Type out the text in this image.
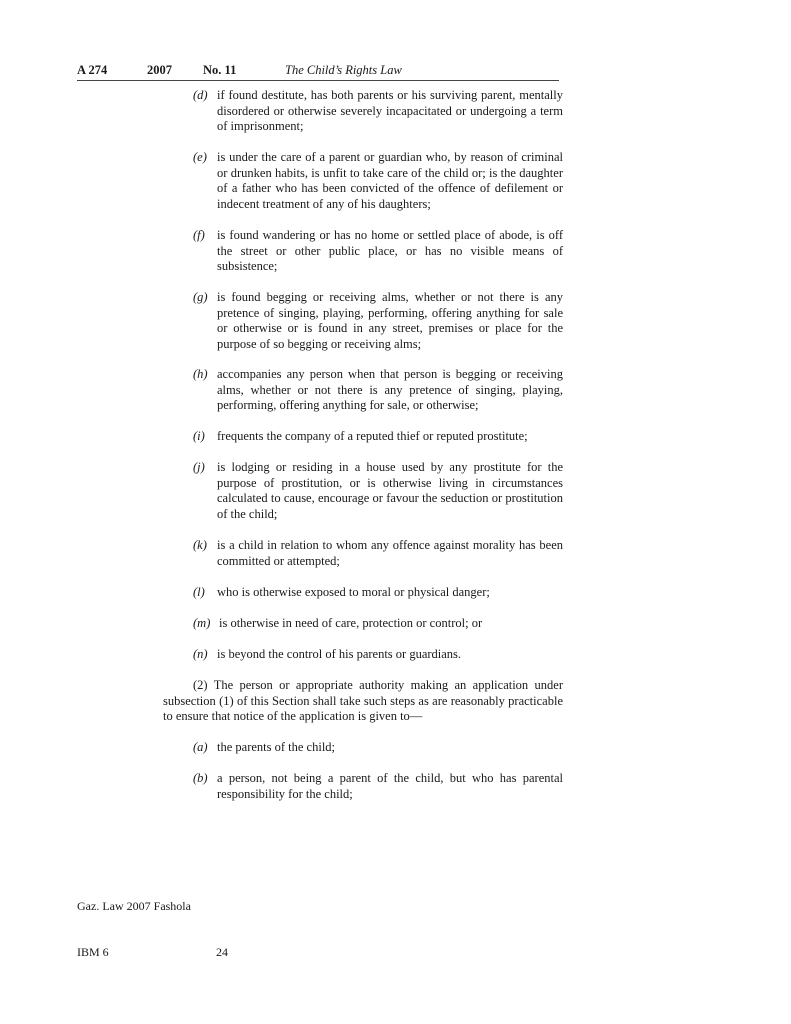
A 274	2007 No. 11	The Child’s Rights Law
(d) if found destitute, has both parents or his surviving parent, mentally disordered or otherwise severely incapacitated or undergoing a term of imprisonment;
(e) is under the care of a parent or guardian who, by reason of criminal or drunken habits, is unfit to take care of the child or; is the daughter of a father who has been convicted of the offence of defilement or indecent treatment of any of his daughters;
(f) is found wandering or has no home or settled place of abode, is off the street or other public place, or has no visible means of subsistence;
(g) is found begging or receiving alms, whether or not there is any pretence of singing, playing, performing, offering anything for sale or otherwise or is found in any street, premises or place for the purpose of so begging or receiving alms;
(h) accompanies any person when that person is begging or receiving alms, whether or not there is any pretence of singing, playing, performing, offering anything for sale, or otherwise;
(i) frequents the company of a reputed thief or reputed prostitute;
(j) is lodging or residing in a house used by any prostitute for the purpose of prostitution, or is otherwise living in circumstances calculated to cause, encourage or favour the seduction or prostitution of the child;
(k) is a child in relation to whom any offence against morality has been committed or attempted;
(l) who is otherwise exposed to moral or physical danger;
(m) is otherwise in need of care, protection or control; or
(n) is beyond the control of his parents or guardians.
(2) The person or appropriate authority making an application under subsection (1) of this Section shall take such steps as are reasonably practicable to ensure that notice of the application is given to—
(a) the parents of the child;
(b) a person, not being a parent of the child, but who has parental responsibility for the child;
Gaz. Law 2007 Fashola
IBM 6	24
